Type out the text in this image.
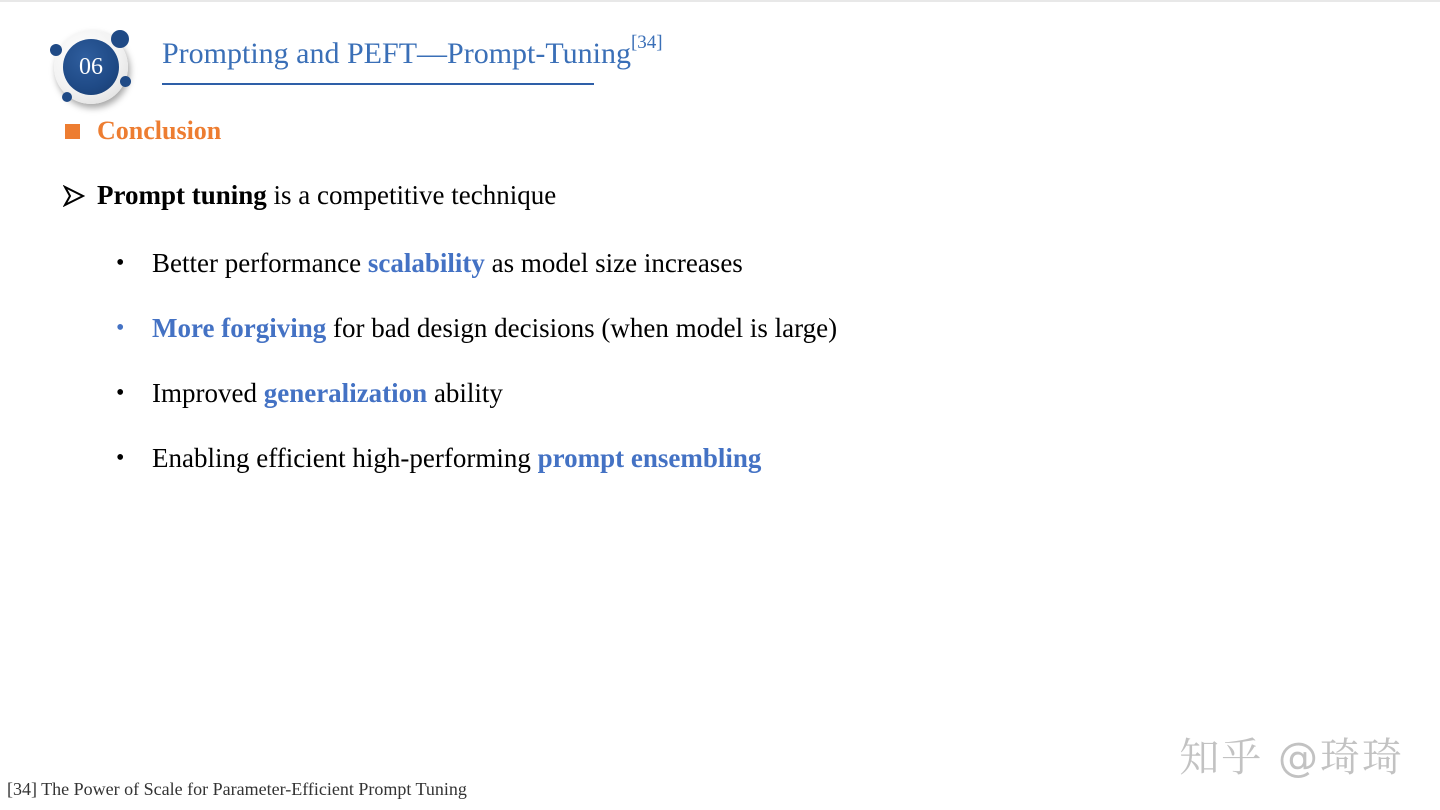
06	Prompting and PEFT—Prompt-Tuning[34]
Conclusion
Prompt tuning is a competitive technique
• Better performance scalability as model size increases
• More forgiving for bad design decisions (when model is large)
• Improved generalization ability
• Enabling efficient high-performing prompt ensembling
[34] The Power of Scale for Parameter-Efficient Prompt Tuning
知乎 @琦琦
